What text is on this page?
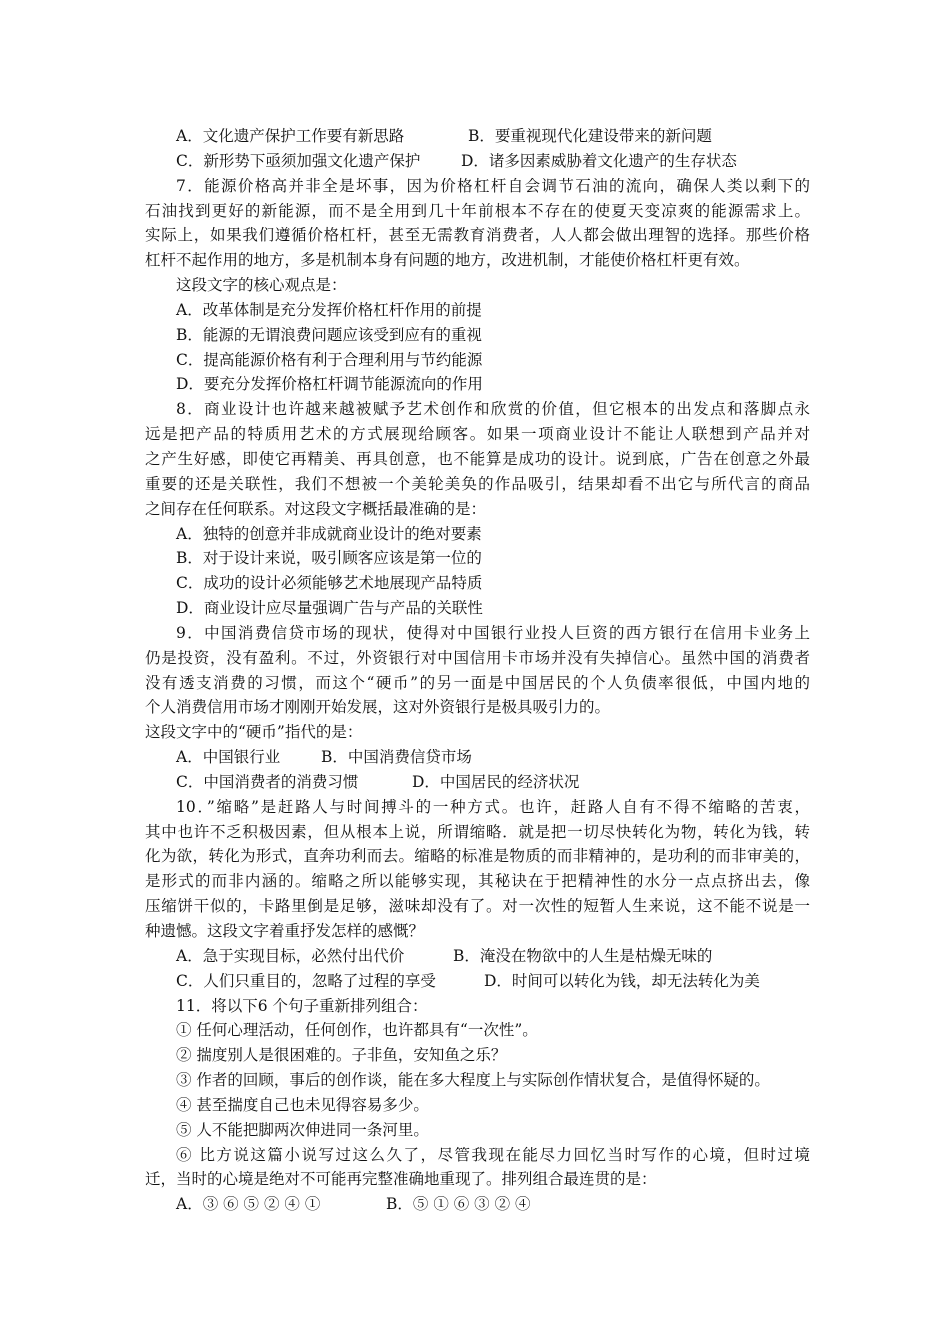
A．文化遗产保护工作要有新思路	B．要重视现代化建设带来的新问题
C．新形势下亟须加强文化遗产保护	D．诸多因素威胁着文化遗产的生存状态
7．能源价格高并非全是坏事，因为价格杠杆自会调节石油的流向，确保人类以剩下的
石油找到更好的新能源，而不是全用到几十年前根本不存在的使夏天变凉爽的能源需求上。
实际上，如果我们遵循价格杠杆，甚至无需教育消费者，人人都会做出理智的选择。那些价格
杠杆不起作用的地方，多是机制本身有问题的地方，改进机制，才能使价格杠杆更有效。
这段文字的核心观点是：
A．改革体制是充分发挥价格杠杆作用的前提
B．能源的无谓浪费问题应该受到应有的重视
C．提高能源价格有利于合理利用与节约能源
D．要充分发挥价格杠杆调节能源流向的作用
8．商业设计也许越来越被赋予艺术创作和欣赏的价值，但它根本的出发点和落脚点永
远是把产品的特质用艺术的方式展现给顾客。如果一项商业设计不能让人联想到产品并对
之产生好感，即使它再精美、再具创意，也不能算是成功的设计。说到底，广告在创意之外最
重要的还是关联性，我们不想被一个美轮美奂的作品吸引，结果却看不出它与所代言的商品
之间存在任何联系。对这段文字概括最准确的是：
A．独特的创意并非成就商业设计的绝对要素
B．对于设计来说，吸引顾客应该是第一位的
C．成功的设计必须能够艺术地展现产品特质
D．商业设计应尽量强调广告与产品的关联性
9．中国消费信贷市场的现状，使得对中国银行业投人巨资的西方银行在信用卡业务上
仍是投资，没有盈利。不过，外资银行对中国信用卡市场并没有失掉信心。虽然中国的消费者
没有透支消费的习惯，而这个“硬币”的另一面是中国居民的个人负债率很低，中国内地的
个人消费信用市场才刚刚开始发展，这对外资银行是极具吸引力的。
这段文字中的“硬币”指代的是：
A．中国银行业	B．中国消费信贷市场
C．中国消费者的消费习惯	D．中国居民的经济状况
10．”缩略”是赶路人与时间搏斗的一种方式。也许，赶路人自有不得不缩略的苦衷，
其中也许不乏积极因素，但从根本上说，所谓缩略．就是把一切尽快转化为物，转化为钱，转
化为欲，转化为形式，直奔功利而去。缩略的标准是物质的而非精神的，是功利的而非审美的，
是形式的而非内涵的。缩略之所以能够实现，其秘诀在于把精神性的水分一点点挤出去，像
压缩饼干似的，卡路里倒是足够，滋味却没有了。对一次性的短暂人生来说，这不能不说是一
种遗憾。这段文字着重抒发怎样的感慨？
A．急于实现目标，必然付出代价	B．淹没在物欲中的人生是枯燥无味的
C．人们只重目的，忽略了过程的享受	D．时间可以转化为钱，却无法转化为美
11．将以下6 个句子重新排列组合：
① 任何心理活动，任何创作，也许都具有“一次性”。
② 揣度别人是很困难的。子非鱼，安知鱼之乐？
③ 作者的回顾，事后的创作谈，能在多大程度上与实际创作情状复合，是值得怀疑的。
④ 甚至揣度自己也未见得容易多少。
⑤ 人不能把脚两次伸进同一条河里。
⑥ 比方说这篇小说写过这么久了，尽管我现在能尽力回忆当时写作的心境，但时过境
迁，当时的心境是绝对不可能再完整准确地重现了。排列组合最连贯的是：
A．③ ⑥ ⑤ ② ④ ①	B．⑤ ① ⑥ ③ ② ④
